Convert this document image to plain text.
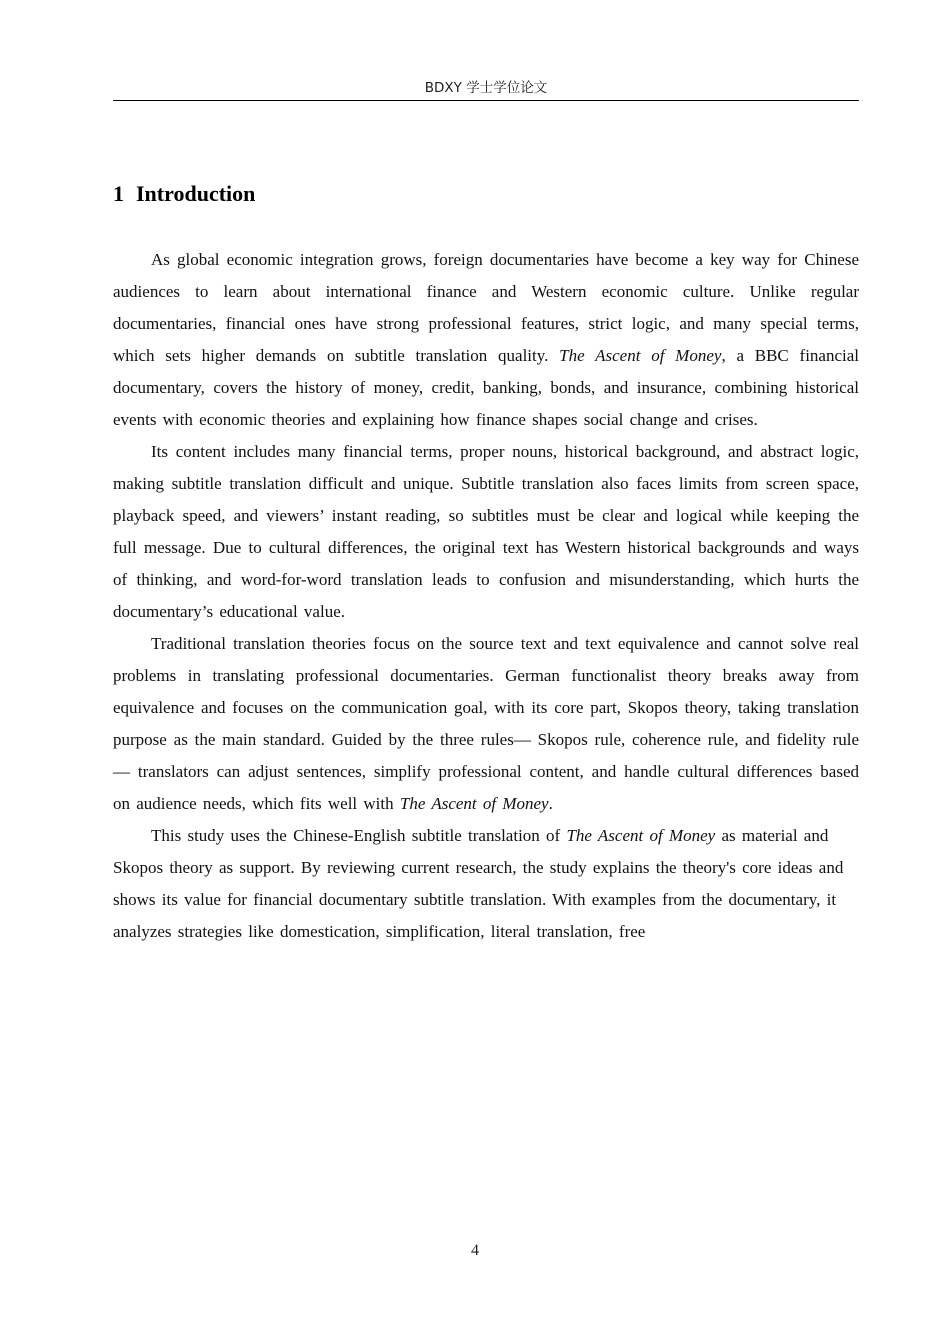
BDXY 学士学位论文
1 Introduction

As global economic integration grows, foreign documentaries have become a key way for Chinese audiences to learn about international finance and Western economic culture. Unlike regular documentaries, financial ones have strong professional features, strict logic, and many special terms, which sets higher demands on subtitle translation quality. The Ascent of Money, a BBC financial documentary, covers the history of money, credit, banking, bonds, and insurance, combining historical events with economic theories and explaining how finance shapes social change and crises.

Its content includes many financial terms, proper nouns, historical background, and abstract logic, making subtitle translation difficult and unique. Subtitle translation also faces limits from screen space, playback speed, and viewers’ instant reading, so subtitles must be clear and logical while keeping the full message. Due to cultural differences, the original text has Western historical backgrounds and ways of thinking, and word-for-word translation leads to confusion and misunderstanding, which hurts the documentary’s educational value.

Traditional translation theories focus on the source text and text equivalence and cannot solve real problems in translating professional documentaries. German functionalist theory breaks away from equivalence and focuses on the communication goal, with its core part, Skopos theory, taking translation purpose as the main standard. Guided by the three rules— Skopos rule, coherence rule, and fidelity rule— translators can adjust sentences, simplify professional content, and handle cultural differences based on audience needs, which fits well with The Ascent of Money.

This study uses the Chinese-English subtitle translation of The Ascent of Money as material and Skopos theory as support. By reviewing current research, the study explains the theory's core ideas and shows its value for financial documentary subtitle translation. With examples from the documentary, it analyzes strategies like domestication, simplification, literal translation, free

4
